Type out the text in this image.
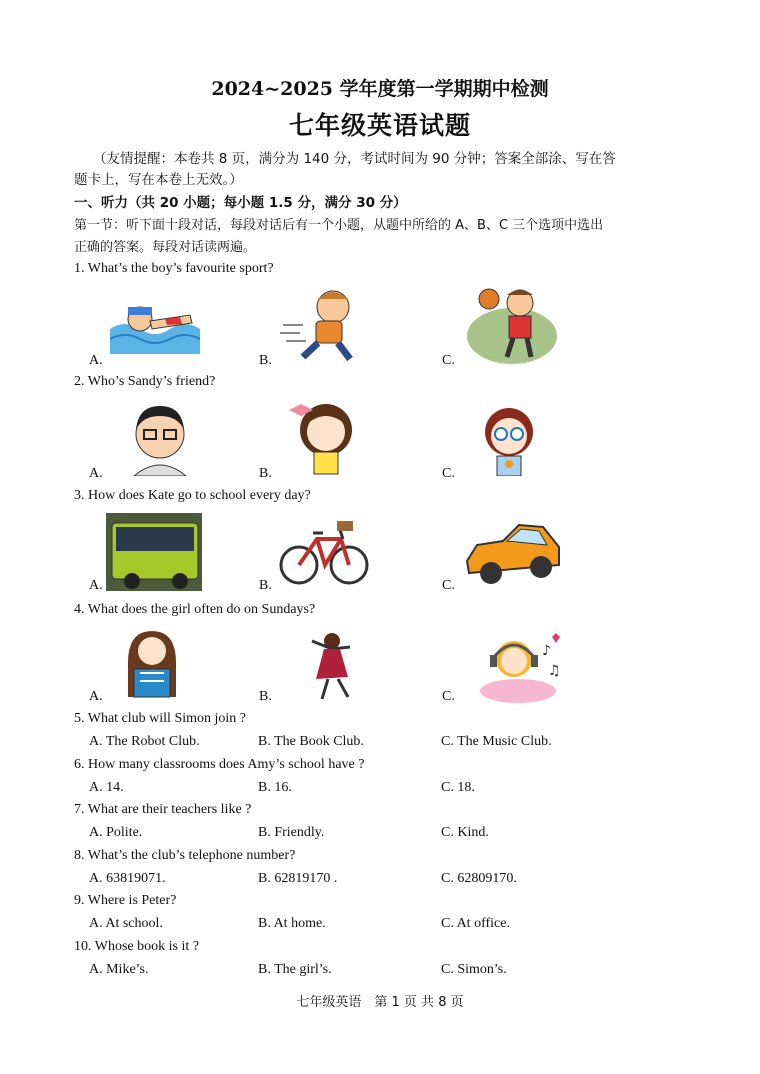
2024~2025 学年度第一学期期中检测
七年级英语试题
（友情提醒：本卷共 8 页，满分为 140 分，考试时间为 90 分钟；答案全部涂、写在答
题卡上，写在本卷上无效。）
一、听力（共 20 小题；每小题 1.5 分，满分 30 分）
第一节：听下面十段对话，每段对话后有一个小题，从题中所给的 A、B、C 三个选项中选出
正确的答案。每段对话读两遍。
1. What’s the boy’s favourite sport?
A.	B.	C.
2. Who’s Sandy’s friend?
A.	B.	C.
3. How does Kate go to school every day?
A.	B.	C.
4. What does the girl often do on Sundays?
A.	B.
♪
♫
C.
5. What club will Simon join ?
A. The Robot Club.	B. The Book Club.	C. The Music Club.
6. How many classrooms does Amy’s school have ?
A. 14.	B. 16.	C. 18.
7. What are their teachers like ?
A. Polite.	B. Friendly.	C. Kind.
8. What’s the club’s telephone number?
A. 63819071.	B. 62819170 .	C. 62809170.
9. Where is Peter?
A. At school.	B. At home.	C. At office.
10. Whose book is it ?
A. Mike’s.	B. The girl’s.	C. Simon’s.
七年级英语　第 1 页 共 8 页
